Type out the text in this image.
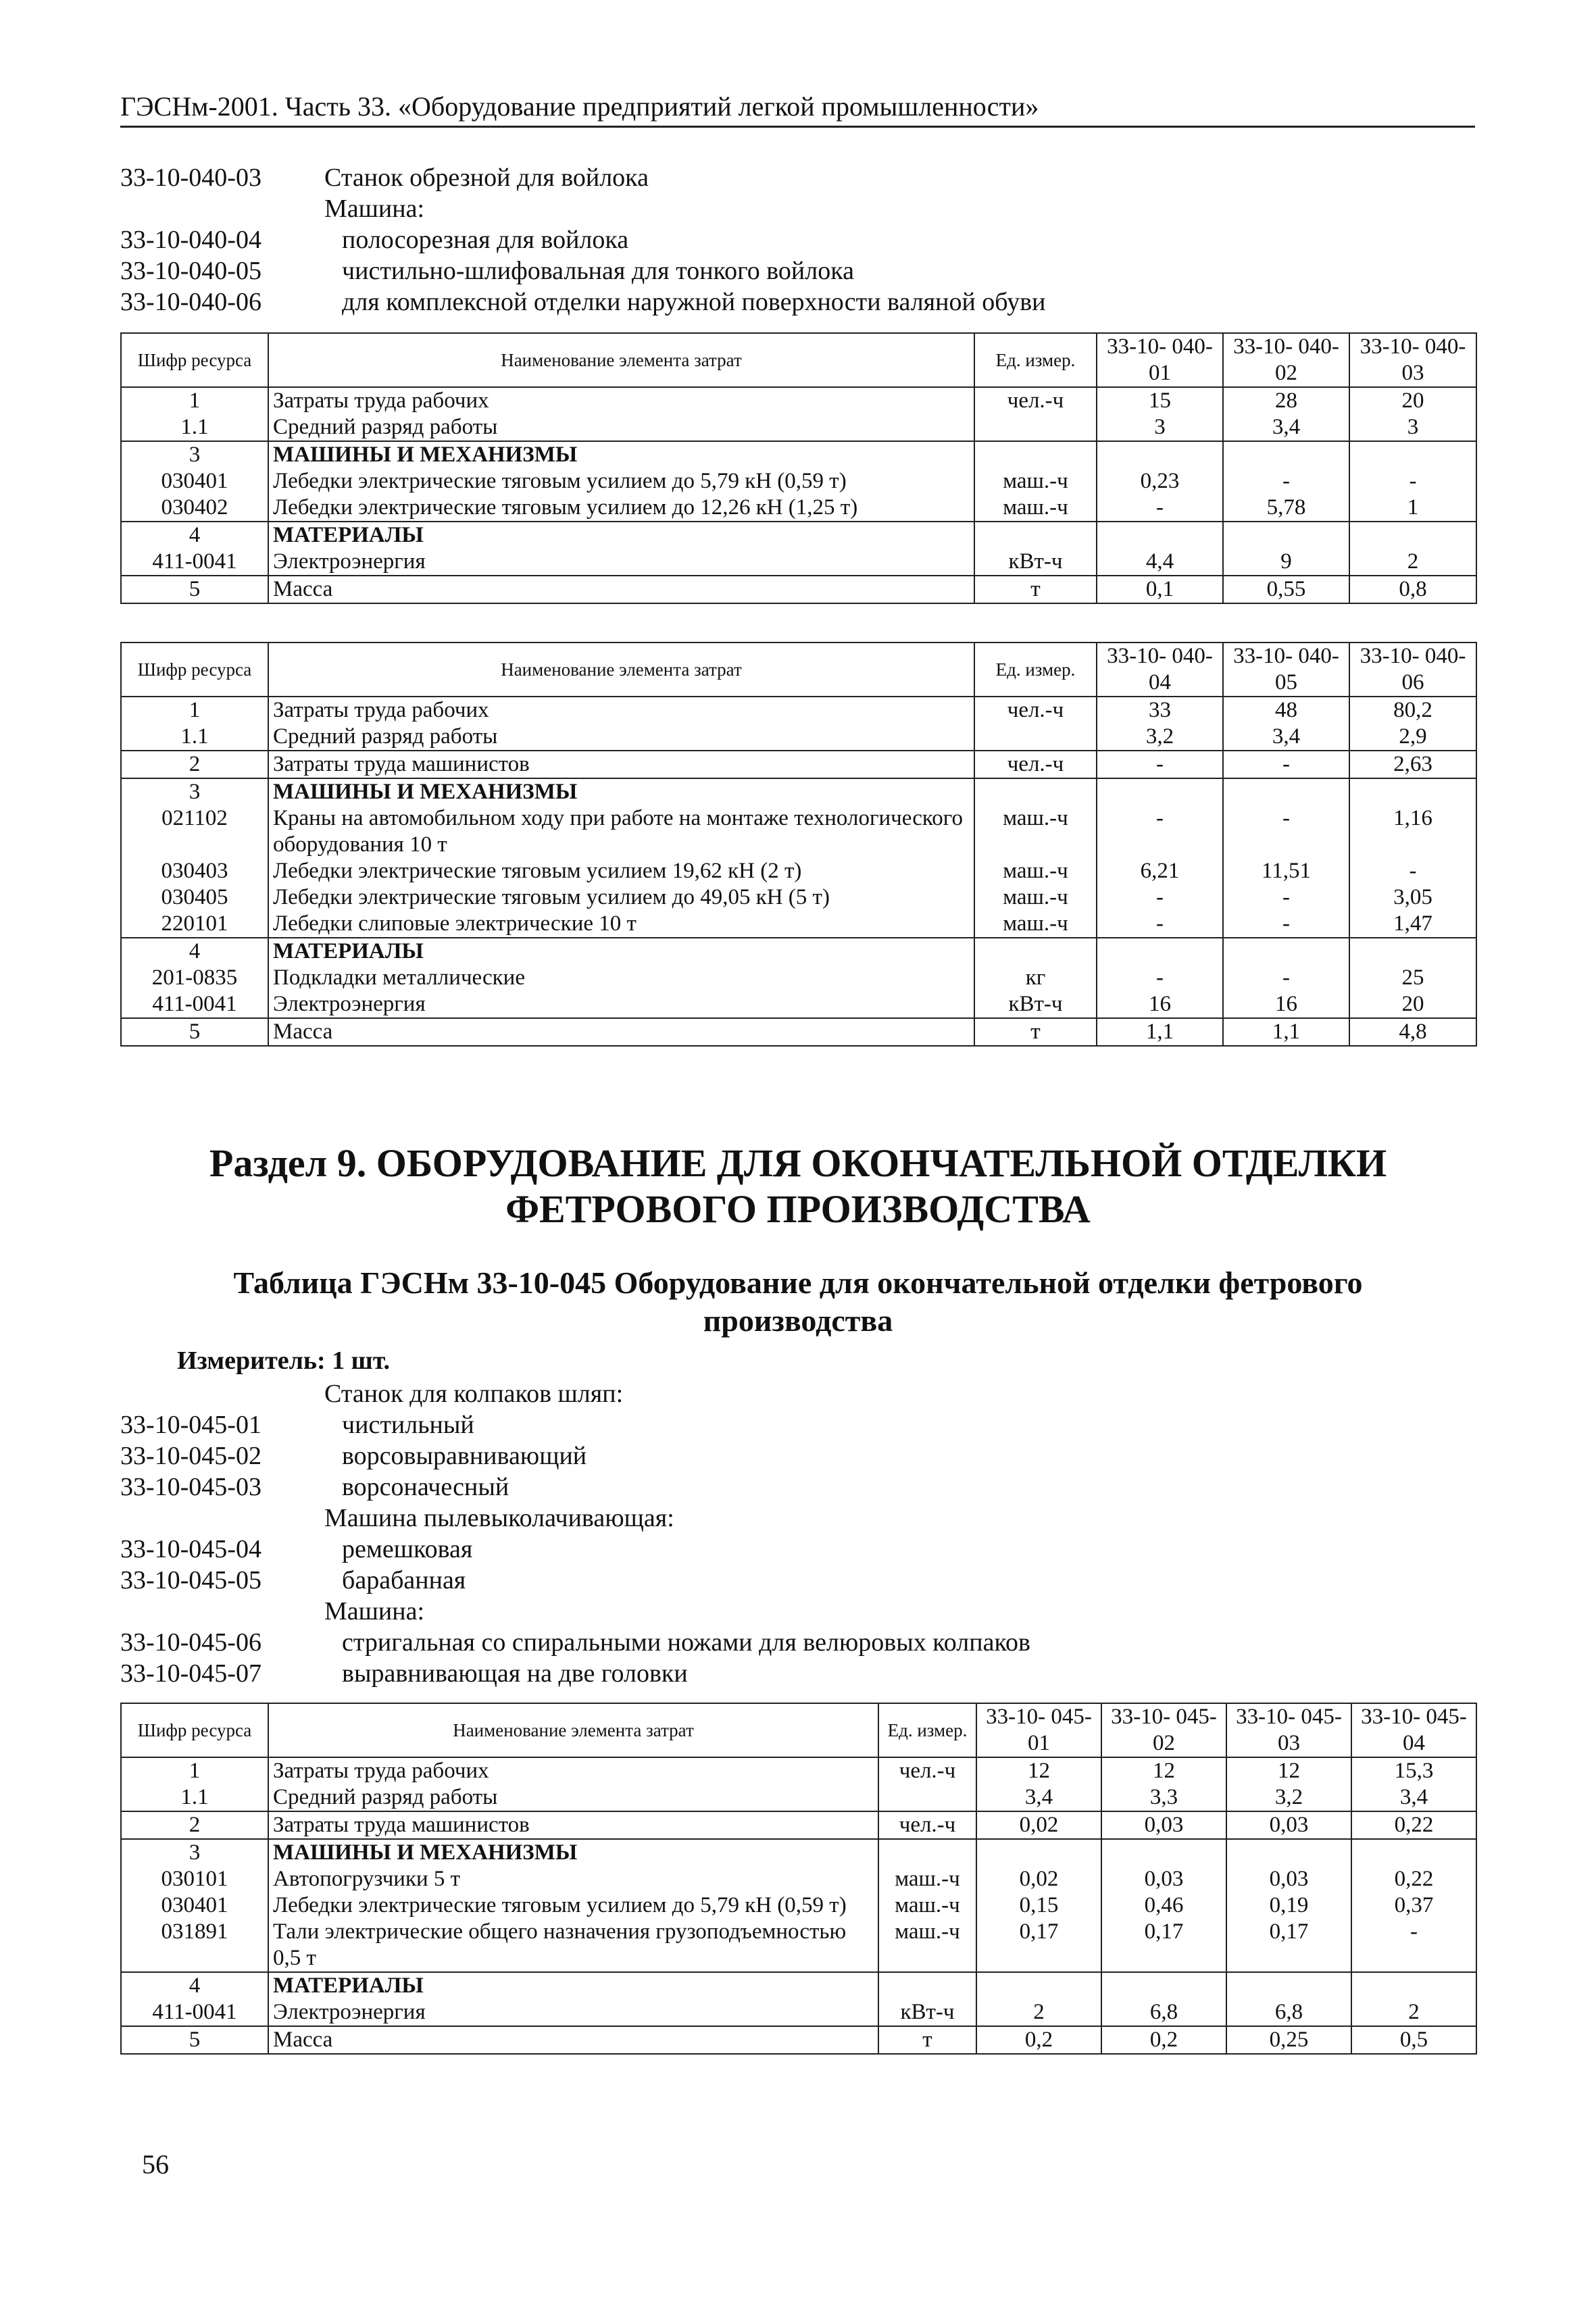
ГЭСНм-2001. Часть 33. «Оборудование предприятий легкой промышленности»
33-10-040-03	Станок обрезной для войлока
Машина:
33-10-040-04	полосорезная для войлока
33-10-040-05	чистильно-шлифовальная для тонкого войлока
33-10-040-06	для комплексной отделки наружной поверхности валяной обуви
Шифр ресурса	Наименование элемента затрат	Ед. измер.	33-10- 040-01	33-10- 040-02	33-10- 040-03
1	Затраты труда рабочих	чел.-ч	15	28	20
1.1	Средний разряд работы		3	3,4	3
3	МАШИНЫ И МЕХАНИЗМЫ				
030401	Лебедки электрические тяговым усилием до 5,79 кН (0,59 т)	маш.-ч	0,23	-	-
030402	Лебедки электрические тяговым усилием до 12,26 кН (1,25 т)	маш.-ч	-	5,78	1
4	МАТЕРИАЛЫ				
411-0041	Электроэнергия	кВт-ч	4,4	9	2
5	Масса	т	0,1	0,55	0,8
Шифр ресурса	Наименование элемента затрат	Ед. измер.	33-10- 040-04	33-10- 040-05	33-10- 040-06
1	Затраты труда рабочих	чел.-ч	33	48	80,2
1.1	Средний разряд работы		3,2	3,4	2,9
2	Затраты труда машинистов	чел.-ч	-	-	2,63
3	МАШИНЫ И МЕХАНИЗМЫ				
021102	Краны на автомобильном ходу при работе на монтаже технологического оборудования 10 т	маш.-ч	-	-	1,16
030403	Лебедки электрические тяговым усилием 19,62 кН (2 т)	маш.-ч	6,21	11,51	-
030405	Лебедки электрические тяговым усилием до 49,05 кН (5 т)	маш.-ч	-	-	3,05
220101	Лебедки слиповые электрические 10 т	маш.-ч	-	-	1,47
4	МАТЕРИАЛЫ				
201-0835	Подкладки металлические	кг	-	-	25
411-0041	Электроэнергия	кВт-ч	16	16	20
5	Масса	т	1,1	1,1	4,8
Раздел 9. ОБОРУДОВАНИЕ ДЛЯ ОКОНЧАТЕЛЬНОЙ ОТДЕЛКИ
ФЕТРОВОГО ПРОИЗВОДСТВА
Таблица ГЭСНм 33-10-045 Оборудование для окончательной отделки фетрового
производства
Измеритель: 1 шт.
Станок для колпаков шляп:
33-10-045-01	чистильный
33-10-045-02	ворсовыравнивающий
33-10-045-03	ворсоначесный
Машина пылевыколачивающая:
33-10-045-04	ремешковая
33-10-045-05	барабанная
Машина:
33-10-045-06	стригальная со спиральными ножами для велюровых колпаков
33-10-045-07	выравнивающая на две головки
Шифр ресурса	Наименование элемента затрат	Ед. измер.	33-10- 045-01	33-10- 045-02	33-10- 045-03	33-10- 045-04
1	Затраты труда рабочих	чел.-ч	12	12	12	15,3
1.1	Средний разряд работы		3,4	3,3	3,2	3,4
2	Затраты труда машинистов	чел.-ч	0,02	0,03	0,03	0,22
3	МАШИНЫ И МЕХАНИЗМЫ					
030101	Автопогрузчики 5 т	маш.-ч	0,02	0,03	0,03	0,22
030401	Лебедки электрические тяговым усилием до 5,79 кН (0,59 т)	маш.-ч	0,15	0,46	0,19	0,37
031891	Тали электрические общего назначения грузоподъемностью 0,5 т	маш.-ч	0,17	0,17	0,17	-
4	МАТЕРИАЛЫ					
411-0041	Электроэнергия	кВт-ч	2	6,8	6,8	2
5	Масса	т	0,2	0,2	0,25	0,5
56
